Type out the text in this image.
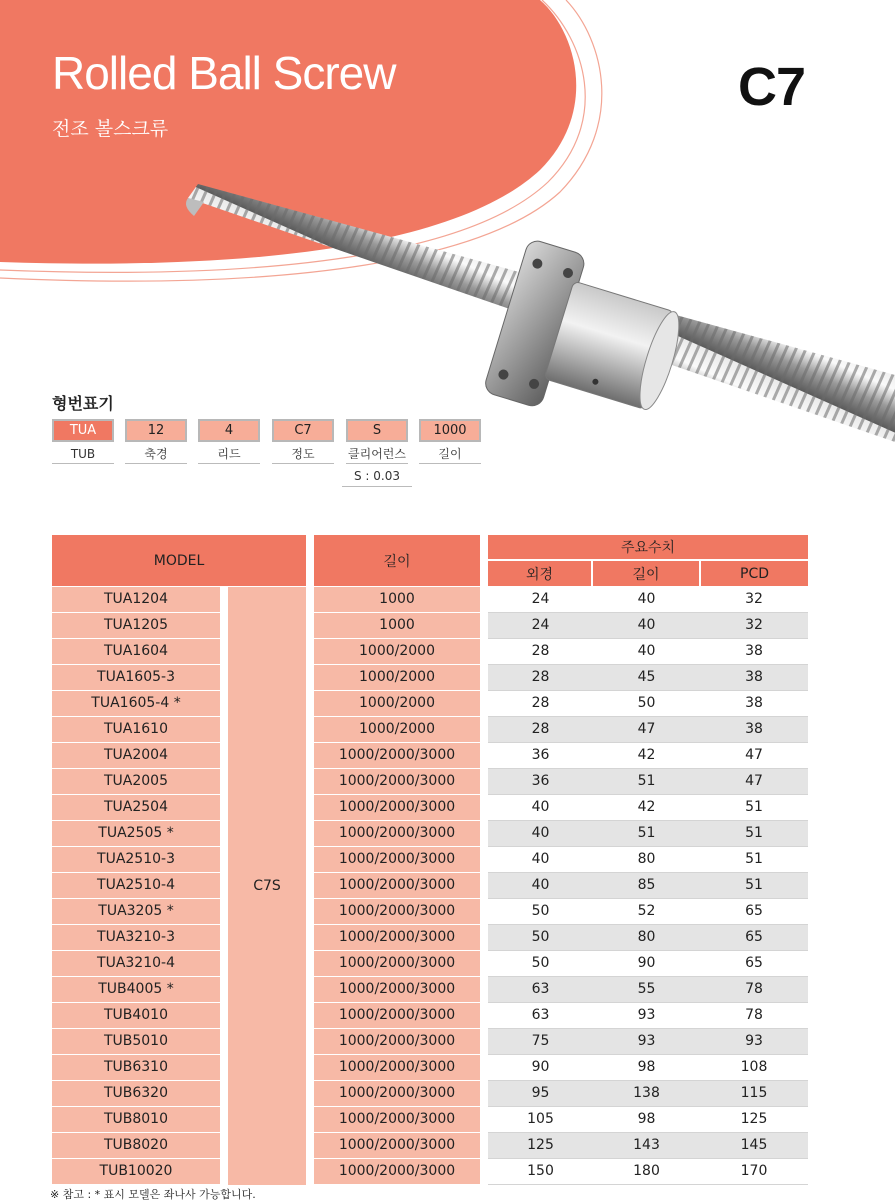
Rolled Ball Screw
전조 볼스크류
C7
형번표기
TUA	12	4	C7	S	1000
TUB	축경	리드	정도	클리어런스	길이
S : 0.03
MODEL	길이
주요수치
외경	길이	PCD
C7S
TUA1204	1000	24	40	32
TUA1205	1000	24	40	32
TUA1604	1000/2000	28	40	38
TUA1605-3	1000/2000	28	45	38
TUA1605-4 *	1000/2000	28	50	38
TUA1610	1000/2000	28	47	38
TUA2004	1000/2000/3000	36	42	47
TUA2005	1000/2000/3000	36	51	47
TUA2504	1000/2000/3000	40	42	51
TUA2505 *	1000/2000/3000	40	51	51
TUA2510-3	1000/2000/3000	40	80	51
TUA2510-4	1000/2000/3000	40	85	51
TUA3205 *	1000/2000/3000	50	52	65
TUA3210-3	1000/2000/3000	50	80	65
TUA3210-4	1000/2000/3000	50	90	65
TUB4005 *	1000/2000/3000	63	55	78
TUB4010	1000/2000/3000	63	93	78
TUB5010	1000/2000/3000	75	93	93
TUB6310	1000/2000/3000	90	98	108
TUB6320	1000/2000/3000	95	138	115
TUB8010	1000/2000/3000	105	98	125
TUB8020	1000/2000/3000	125	143	145
TUB10020	1000/2000/3000	150	180	170
※ 참고 : * 표시 모델은 좌나사 가능합니다.
